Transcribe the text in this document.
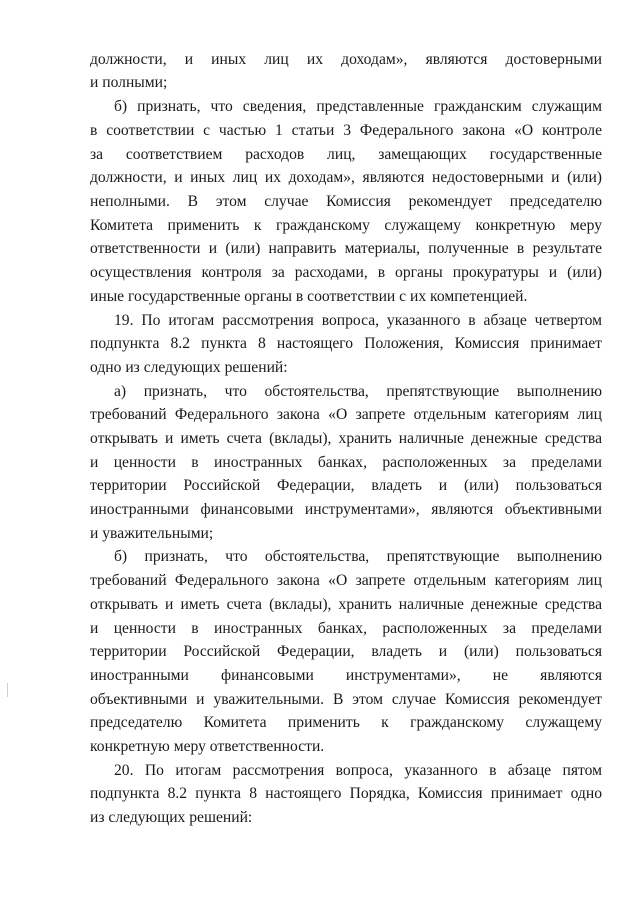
должности, и иных лиц их доходам», являются достоверными
и полными;
б) признать, что сведения, представленные гражданским служащим
в соответствии с частью 1 статьи 3 Федерального закона «О контроле
за соответствием расходов лиц, замещающих государственные
должности, и иных лиц их доходам», являются недостоверными и (или)
неполными. В этом случае Комиссия рекомендует председателю
Комитета применить к гражданскому служащему конкретную меру
ответственности и (или) направить материалы, полученные в результате
осуществления контроля за расходами, в органы прокуратуры и (или)
иные государственные органы в соответствии с их компетенцией.
19. По итогам рассмотрения вопроса, указанного в абзаце четвертом
подпункта 8.2 пункта 8 настоящего Положения, Комиссия принимает
одно из следующих решений:
а) признать, что обстоятельства, препятствующие выполнению
требований Федерального закона «О запрете отдельным категориям лиц
открывать и иметь счета (вклады), хранить наличные денежные средства
и ценности в иностранных банках, расположенных за пределами
территории Российской Федерации, владеть и (или) пользоваться
иностранными финансовыми инструментами», являются объективными
и уважительными;
б) признать, что обстоятельства, препятствующие выполнению
требований Федерального закона «О запрете отдельным категориям лиц
открывать и иметь счета (вклады), хранить наличные денежные средства
и ценности в иностранных банках, расположенных за пределами
территории Российской Федерации, владеть и (или) пользоваться
иностранными финансовыми инструментами», не являются
объективными и уважительными. В этом случае Комиссия рекомендует
председателю Комитета применить к гражданскому служащему
конкретную меру ответственности.
20. По итогам рассмотрения вопроса, указанного в абзаце пятом
подпункта 8.2 пункта 8 настоящего Порядка, Комиссия принимает одно
из следующих решений:
